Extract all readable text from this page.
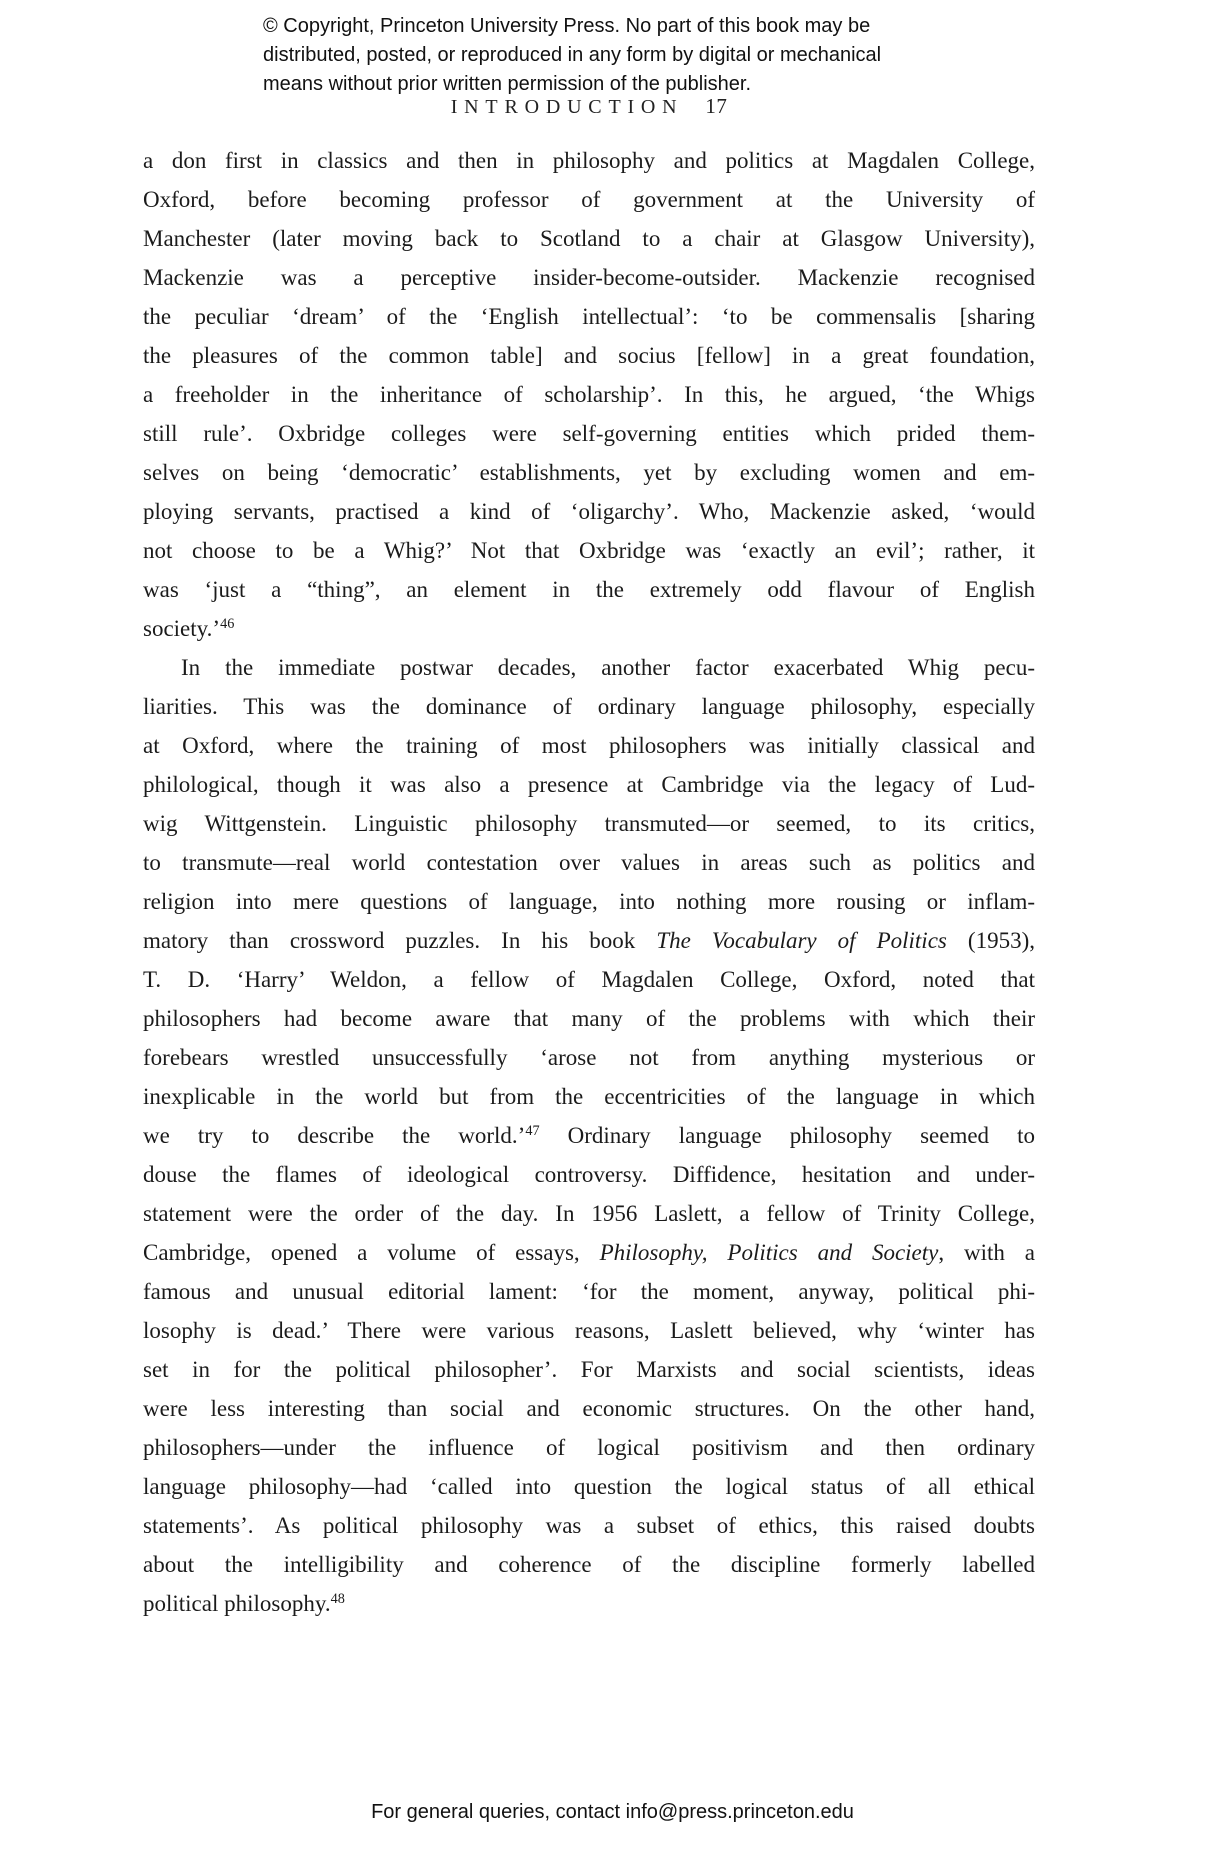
© Copyright, Princeton University Press. No part of this book may be
distributed, posted, or reproduced in any form by digital or mechanical
means without prior written permission of the publisher.
INTRODUCTION 17
a don first in classics and then in philosophy and politics at Magdalen College,
Oxford, before becoming professor of government at the University of
Manchester (later moving back to Scotland to a chair at Glasgow University),
Mackenzie was a perceptive insider-become-outsider. Mackenzie recognised
the peculiar ‘dream’ of the ‘English intellectual’: ‘to be commensalis [sharing
the pleasures of the common table] and socius [fellow] in a great foundation,
a freeholder in the inheritance of scholarship’. In this, he argued, ‘the Whigs
still rule’. Oxbridge colleges were self-governing entities which prided them-
selves on being ‘democratic’ establishments, yet by excluding women and em-
ploying servants, practised a kind of ‘oligarchy’. Who, Mackenzie asked, ‘would
not choose to be a Whig?’ Not that Oxbridge was ‘exactly an evil’; rather, it
was ‘just a “thing”, an element in the extremely odd flavour of English
society.’$^{46}$
In the immediate postwar decades, another factor exacerbated Whig pecu-
liarities. This was the dominance of ordinary language philosophy, especially
at Oxford, where the training of most philosophers was initially classical and
philological, though it was also a presence at Cambridge via the legacy of Lud-
wig Wittgenstein. Linguistic philosophy transmuted—or seemed, to its critics,
to transmute—real world contestation over values in areas such as politics and
religion into mere questions of language, into nothing more rousing or inflam-
matory than crossword puzzles. In his book The Vocabulary of Politics (1953),
T. D. ‘Harry’ Weldon, a fellow of Magdalen College, Oxford, noted that
philosophers had become aware that many of the problems with which their
forebears wrestled unsuccessfully ‘arose not from anything mysterious or
inexplicable in the world but from the eccentricities of the language in which
we try to describe the world.’$^{47}$ Ordinary language philosophy seemed to
douse the flames of ideological controversy. Diffidence, hesitation and under-
statement were the order of the day. In 1956 Laslett, a fellow of Trinity College,
Cambridge, opened a volume of essays, Philosophy, Politics and Society, with a
famous and unusual editorial lament: ‘for the moment, anyway, political phi-
losophy is dead.’ There were various reasons, Laslett believed, why ‘winter has
set in for the political philosopher’. For Marxists and social scientists, ideas
were less interesting than social and economic structures. On the other hand,
philosophers—under the influence of logical positivism and then ordinary
language philosophy—had ‘called into question the logical status of all ethical
statements’. As political philosophy was a subset of ethics, this raised doubts
about the intelligibility and coherence of the discipline formerly labelled
political philosophy.$^{48}$
For general queries, contact info@press.princeton.edu
